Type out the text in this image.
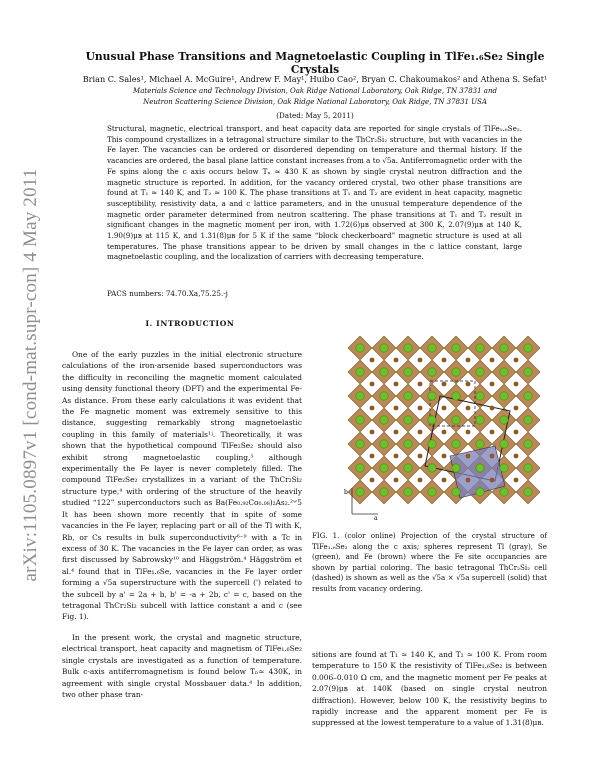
arXiv:1105.0897v1 [cond-mat.supr-con] 4 May 2011
Unusual Phase Transitions and Magnetoelastic Coupling in TlFe₁.₆Se₂ Single Crystals
Brian C. Sales¹, Michael A. McGuire¹, Andrew F. May¹, Huibo Cao², Bryan C. Chakoumakos² and Athena S. Sefat¹
Materials Science and Technology Division, Oak Ridge National Laboratory, Oak Ridge, TN 37831 and
Neutron Scattering Science Division, Oak Ridge National Laboratory, Oak Ridge, TN 37831 USA
(Dated: May 5, 2011)
Structural, magnetic, electrical transport, and heat capacity data are reported for single crystals of TlFe₁.₆Se₂. This compound crystallizes in a tetragonal structure similar to the ThCr₂Si₂ structure, but with vacancies in the Fe layer. The vacancies can be ordered or disordered depending on temperature and thermal history. If the vacancies are ordered, the basal plane lattice constant increases from a to √5a. Antiferromagnetic order with the Fe spins along the c axis occurs below Tₙ ≈ 430 K as shown by single crystal neutron diffraction and the magnetic structure is reported. In addition, for the vacancy ordered crystal, two other phase transitions are found at T₁ ≈ 140 K, and T₂ ≈ 100 K. The phase transitions at T₁ and T₂ are evident in heat capacity, magnetic susceptibility, resistivity data, a and c lattice parameters, and in the unusual temperature dependence of the magnetic order parameter determined from neutron scattering. The phase transitions at T₁ and T₂ result in significant changes in the magnetic moment per iron, with 1.72(6)μʙ observed at 300 K, 2.07(9)μʙ at 140 K, 1.90(9)μʙ at 115 K, and 1.31(8)μʙ for 5 K if the same “block checkerboard” magnetic structure is used at all temperatures. The phase transitions appear to be driven by small changes in the c lattice constant, large magnetoelastic coupling, and the localization of carriers with decreasing temperature.
PACS numbers: 74.70.Xa,75.25.-j
I. INTRODUCTION

One of the early puzzles in the initial electronic structure calculations of the iron-arsenide based superconductors was the difficulty in reconciling the magnetic moment calculated using density functional theory (DFT) and the experimental Fe-As distance. From these early calculations it was evident that the Fe magnetic moment was extremely sensitive to this distance, suggesting remarkably strong magnetoelastic coupling in this family of materials¹ʲ. Theoretically, it was shown that the hypothetical compound TlFe₂Se₂ should also exhibit strong magnetoelastic coupling,³ although experimentally the Fe layer is never completely filled. The compound TlFe₂Se₂ crystallizes in a variant of the ThCr₂Si₂ structure type,⁴ with ordering of the structure of the heavily studied “122” superconductors such as Ba(Fe₀.₉₂Co₀.₀₈)₂As₂.²ʷ5 It has been shown more recently that in spite of some vacancies in the Fe layer, replacing part or all of the Tl with K, Rb, or Cs results in bulk superconductivity⁶⁻⁹ with a Tc in excess of 30 K. The vacancies in the Fe layer can order, as was first discussed by Sabrowsky¹⁰ and Häggström.⁴ Häggström et al.⁴ found that in TlFe₁.₆Se, vacancies in the Fe layer order forming a √5a superstructure with the supercell (') related to the subcell by a' = 2a + b, b' = -a + 2b, c' = c, based on the tetragonal ThCr₂Si₂ subcell with lattice constant a and c (see Fig. 1).

In the present work, the crystal and magnetic structure, electrical transport, heat capacity and magnetism of TlFe₁.₆Se₂ single crystals are investigated as a function of temperature. Bulk c-axis antiferromagnetism is found below Tₙ≈ 430K, in agreement with single crystal Mossbauer data.⁴ In addition, two other phase tran-

b
a
FIG. 1. (color online) Projection of the crystal structure of TlFe₁.₆Se₂ along the c axis; spheres represent Tl (gray), Se (green), and Fe (brown) where the Fe site occupancies are shown by partial coloring. The basic tetragonal ThCr₂Si₂ cell (dashed) is shown as well as the √5a × √5a supercell (solid) that results from vacancy ordering.
sitions are found at T₁ ≈ 140 K, and T₂ ≈ 100 K. From room temperature to 150 K the resistivity of TlFe₁.₆Se₂ is between 0.006–0.010 Ω cm, and the magnetic moment per Fe peaks at 2.07(9)μʙ at 140K (based on single crystal neutron diffraction). However, below 100 K, the resistivity begins to rapidly increase and the apparent moment per Fe is suppressed at the lowest temperature to a value of 1.31(8)μʙ.
